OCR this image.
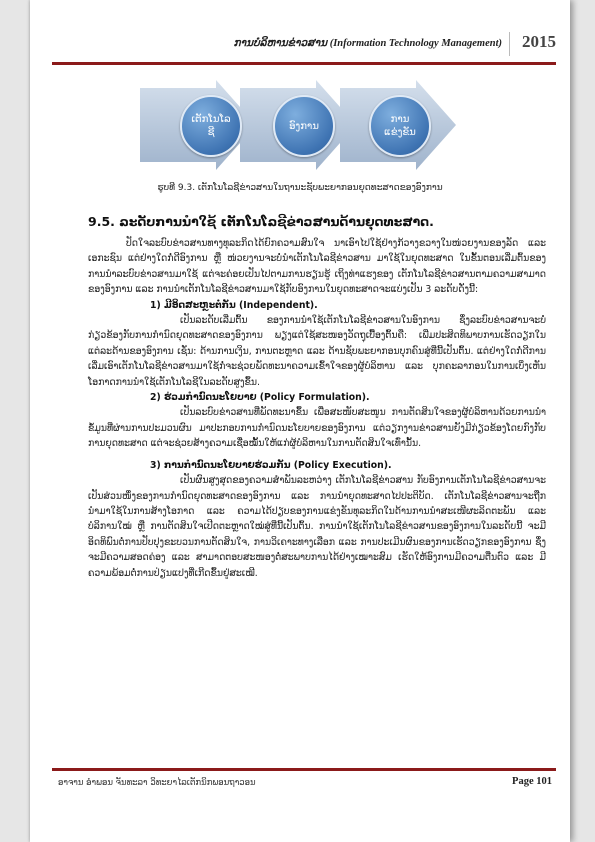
ການບໍລິຫານຂ່າວສານ (Information Technology Management) 2015
ເຕັກໂນໂລຊີ
ອົງການ
ການແຂ່ງຂັນ
ຮູບທີ 9.3. ເຕັກໂນໂລຊີຂ່າວສານໃນຖານະຊັບພະຍາກອນຍຸດທະສາດຂອງອົງການ
9.5. ລະດັບການນຳໃຊ້ ເຕັກໂນໂລຊີຂ່າວສານດ້ານຍຸດທະສາດ.

ປັດໃຈລະບົບຂ່າວສານທາງທຸລະກິດໄດ້ຍົກຄວາມສົນໃຈ ນາເອົາໄປໃຊ້ຢ່າງກ້ວາງຂວາງໃນໜ່ວຍງານຂອງລັດ ແລະ ເອກະຊົນ ແຕ່ຢ່າງໃດກໍ່ດີອົງການ ຫຼື ໜ່ວຍງານຈະບໍ່ນຳເຕັກໂນໂລຊີຂ່າວສານ ມາໃຊ້ໃນຍຸດທະສາດ ໃນຂັ້ນຕອນເລີ່ມຕົ້ນຂອງການນຳລະບົບຂ່າວສານມາໃຊ້ ແຕ່ຈະຄ່ອຍເປັນໄປຕາມການຮຽນຮູ້ ເຖິງທ່າແຮງຂອງ ເຕັກໂນໂລຊີຂ່າວສານຕາມຄວາມສາມາດຂອງອົງການ ແລະ ການນຳເຕັກໂນໂລຊີຂ່າວສານມາໃຊ້ກັບອົງການໃນຍຸດທະສາດຈະແບ່ງເປັນ 3 ລະດັບດັ່ງນີ້:

1) ມີອິດສະຫຼະຕໍ່ກັນ (Independent).

ເປັນລະດັບເລີ່ມຕົ້ນ ຂອງການນຳໃຊ້ເຕັກໂນໂລຊີຂ່າວສານໃນອົງການ ຊຶ່ງລະບົບຂ່າວສານຈະບໍ່ກ່ຽວຂ້ອງກັບການກຳນົດຍຸດທະສາດຂອງອົງການ ພຽງແຕ່ໃຊ້ສະໜອງວັດຖຸເບື້ອງຕົ້ນຄື: ເພີ່ມປະສິດທິພາບການເຮັດວຽກໃນແຕ່ລະດ້ານຂອງອົງການ ເຊັ່ນ: ດ້ານການເງິນ, ການຕະຫຼາດ ແລະ ດ້ານຊັບພະຍາກອນບຸກຄົນສູ່ທີ່ນີ້ເປັນຕົ້ນ. ແຕ່ຢ່າງໃດກໍ່ດີການເລີ່ມເອົາເຕັກໂນໂລຊີຂ່າວສານມາໃຊ້ກໍ່ຈະຊ່ວຍພັດທະນາຄວາມເຂົ້າໃຈຂອງຜູ້ບໍລິຫານ ແລະ ບຸກຄະລາກອນໃນການເບິ່ງເຫັນໂອກາດການນຳໃຊ້ເຕັກໂນໂລຊີໃນລະດັບສູງຂຶ້ນ.

2) ຮ່ວມກຳນົດນະໂຍບາຍ (Policy Formulation).

ເປັນລະບົບຂ່າວສານທີ່ພັດທະນາຂຶ້ນ ເພື່ອສະໜັບສະໜູນ ການຕັດສິນໃຈຂອງຜູ້ບໍລິຫານດ້ວຍການນຳຂໍ້ມູນທີ່ຜ່ານການປະມວນຜົນ ມາປະກອບການກຳນົດນະໂຍບາຍຂອງອົງການ ແຕ່ວຽກງານຂ່າວສານຍັງມີກ່ຽວຂ້ອງໂດຍກົງກັບການຍຸດທະສາດ ແຕ່ຈະຊ່ວຍສ້າງຄວາມເຊື່ອໝັ້ນໃຫ້ແກ່ຜູ້ບໍລິຫານໃນການຕັດສິນໃຈເທົ່ານັ້ນ.

3) ການກຳນົດນະໂຍບາຍຮ່ວມກັນ (Policy Execution).

ເປັນຜົນສູງສຸດຂອງຄວາມສຳພັນລະຫວ່າງ ເຕັກໂນໂລຊີຂ່າວສານ ກັບອົງການເຕັກໂນໂລຊີຂ່າວສານຈະເປັນສ່ວນໜຶ່ງຂອງການກຳນົດຍຸດທະສາດຂອງອົງການ ແລະ ການນຳຍຸດທະສາດໄປປະຕິບັດ. ເຕັກໂນໂລຊີຂ່າວສານຈະຖືກນຳມາໃຊ້ໃນການສ້າງໂອກາດ ແລະ ຄວາມໄດ້ປຽບຂອງການແຂ່ງຂັນທຸລະກິດໃນດ້ານການນຳສະເໜີຜະລິດຕະພັນ ແລະ ບໍລິການໃໝ່ ຫຼື ການຕັດສິນໃຈເປີດຕະຫຼາດໃໝ່ສູ່ທີ່ນີ້ເປັນຕົ້ນ. ການນຳໃຊ້ເຕັກໂນໂລຊີຂ່າວສານຂອງອົງການໃນລະດັບນີ້ ຈະມີອິດທິພົນຕໍ່ການປັບປຸງຂະບວນການຕັດສິນໃຈ, ການວິເຄາະທາງເລືອກ ແລະ ການປະເມີນຜົນຂອງການເຮັດວຽກຂອງອົງການ ຊຶ່ງຈະມີຄວາມສອດຄ່ອງ ແລະ ສາມາດຕອບສະໜອງຕໍ່ສະພາບການໄດ້ຢ່າງເໝາະສົມ ເຮັດໃຫ້ອົງການມີຄວາມຕື່ນຕົວ ແລະ ມີຄວາມພ້ອມຕໍ່ການປ່ຽນແປງທີ່ເກີດຂຶ້ນຢູ່ສະເໝີ.

ອາຈານ ອຳພອນ ຈັນທະລາ ວິທະຍາໄລເຕັກນິກພອນຖາວອນ	Page 101
